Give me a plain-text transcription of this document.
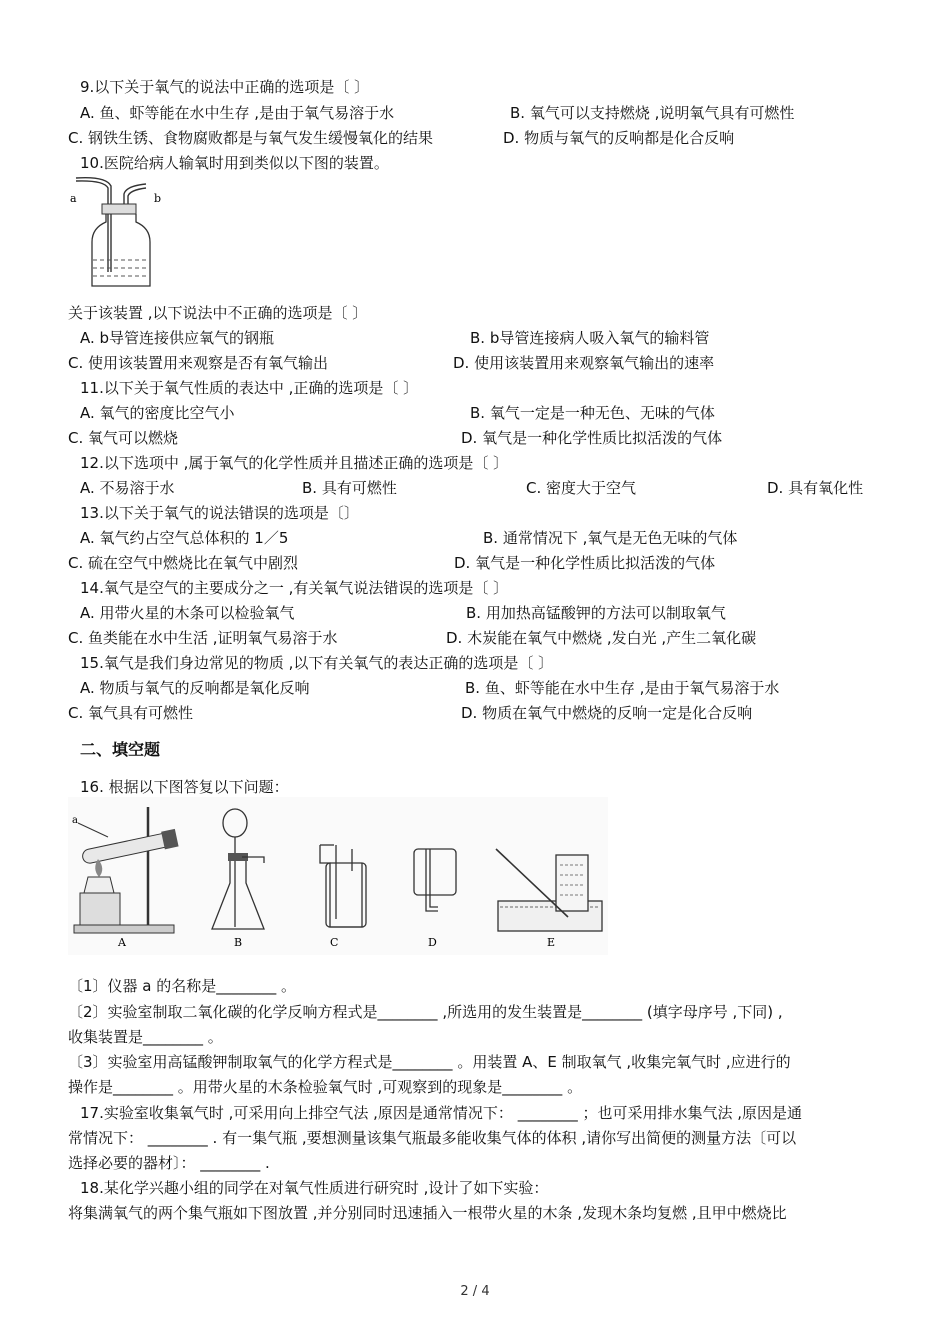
9.以下关于氧气的说法中正确的选项是〔 〕
A. 鱼、虾等能在水中生存 ,是由于氧气易溶于水	B. 氧气可以支持燃烧 ,说明氧气具有可燃性
C. 钢铁生锈、食物腐败都是与氧气发生缓慢氧化的结果	D. 物质与氧气的反响都是化合反响
10.医院给病人输氧时用到类似以下图的装置。
a	b
关于该装置 ,以下说法中不正确的选项是〔 〕
A. b导管连接供应氧气的钢瓶	B. b导管连接病人吸入氧气的输料管
C. 使用该装置用来观察是否有氧气输出	D. 使用该装置用来观察氧气输出的速率
11.以下关于氧气性质的表达中 ,正确的选项是〔 〕
A. 氧气的密度比空气小	B. 氧气一定是一种无色、无味的气体
C. 氧气可以燃烧	D. 氧气是一种化学性质比拟活泼的气体
12.以下选项中 ,属于氧气的化学性质并且描述正确的选项是〔 〕
A. 不易溶于水	B. 具有可燃性	C. 密度大于空气	D. 具有氧化性
13.以下关于氧气的说法错误的选项是〔〕
A. 氧气约占空气总体积的 1／5	B. 通常情况下 ,氧气是无色无味的气体
C. 硫在空气中燃烧比在氧气中剧烈	D. 氧气是一种化学性质比拟活泼的气体
14.氧气是空气的主要成分之一 ,有关氧气说法错误的选项是〔 〕
A. 用带火星的木条可以检验氧气	B. 用加热高锰酸钾的方法可以制取氧气
C. 鱼类能在水中生活 ,证明氧气易溶于水	D. 木炭能在氧气中燃烧 ,发白光 ,产生二氧化碳
15.氧气是我们身边常见的物质 ,以下有关氧气的表达正确的选项是〔 〕
A. 物质与氧气的反响都是氧化反响	B. 鱼、虾等能在水中生存 ,是由于氧气易溶于水
C. 氧气具有可燃性	D. 物质在氧气中燃烧的反响一定是化合反响
二、填空题
16. 根据以下图答复以下问题：
a
A	B	C	D	E
〔1〕仪器 a 的名称是________ 。
〔2〕实验室制取二氧化碳的化学反响方程式是________ ,所选用的发生装置是________ (填字母序号 ,下同) ,
收集装置是________ 。
〔3〕实验室用高锰酸钾制取氧气的化学方程式是________ 。用装置 A、E 制取氧气 ,收集完氧气时 ,应进行的
操作是________ 。用带火星的木条检验氧气时 ,可观察到的现象是________ 。
17.实验室收集氧气时 ,可采用向上排空气法 ,原因是通常情况下： ________ ；也可采用排水集气法 ,原因是通
常情况下： ________ . 有一集气瓶 ,要想测量该集气瓶最多能收集气体的体积 ,请你写出简便的测量方法〔可以
选择必要的器材〕： ________ .
18.某化学兴趣小组的同学在对氧气性质进行研究时 ,设计了如下实验：
将集满氧气的两个集气瓶如下图放置 ,并分别同时迅速插入一根带火星的木条 ,发现木条均复燃 ,且甲中燃烧比
2 / 4
